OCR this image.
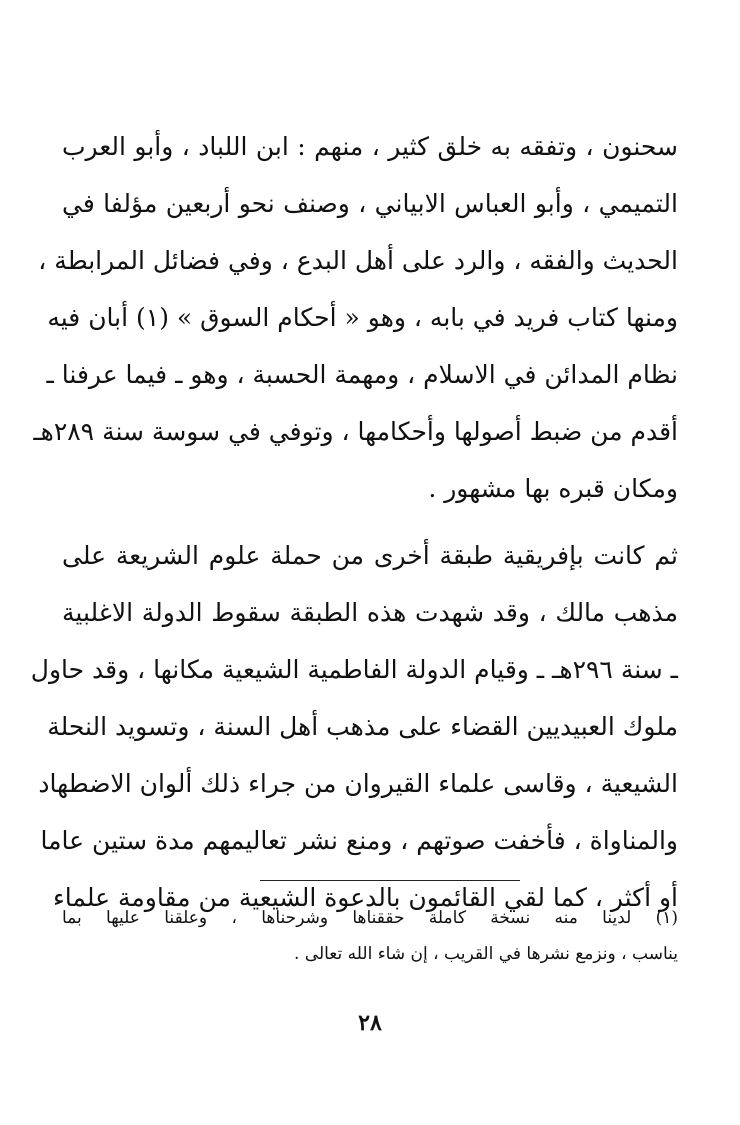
سحنون ، وتفقه به خلق كثير ، منهم : ابن اللباد ، وأبو العرب
التميمي ، وأبو العباس الابياني ، وصنف نحو أربعين مؤلفا في
الحديث والفقه ، والرد على أهل البدع ، وفي فضائل المرابطة ،
ومنها كتاب فريد في بابه ، وهو « أحكام السوق » (١) أبان فيه
نظام المدائن في الاسلام ، ومهمة الحسبة ، وهو ـ فيما عرفنا ـ
أقدم من ضبط أصولها وأحكامها ، وتوفي في سوسة سنة ٢٨٩هـ
ومكان قبره بها مشهور .
ثم كانت بإفريقية طبقة أخرى من حملة علوم الشريعة على
مذهب مالك ، وقد شهدت هذه الطبقة سقوط الدولة الاغلبية
ـ سنة ٢٩٦هـ ـ وقيام الدولة الفاطمية الشيعية مكانها ، وقد حاول
ملوك العبيديين القضاء على مذهب أهل السنة ، وتسويد النحلة
الشيعية ، وقاسى علماء القيروان من جراء ذلك ألوان الاضطهاد
والمناواة ، فأخفت صوتهم ، ومنع نشر تعاليمهم مدة ستين عاما
أو أكثر ، كما لقي القائمون بالدعوة الشيعية من مقاومة علماء
(١) لدينا منه نسخة كاملة حققناها وشرحناها ، وعلقنا عليها بما
يناسب ، ونزمع نشرها في القريب ، إن شاء الله تعالى .
٢٨
